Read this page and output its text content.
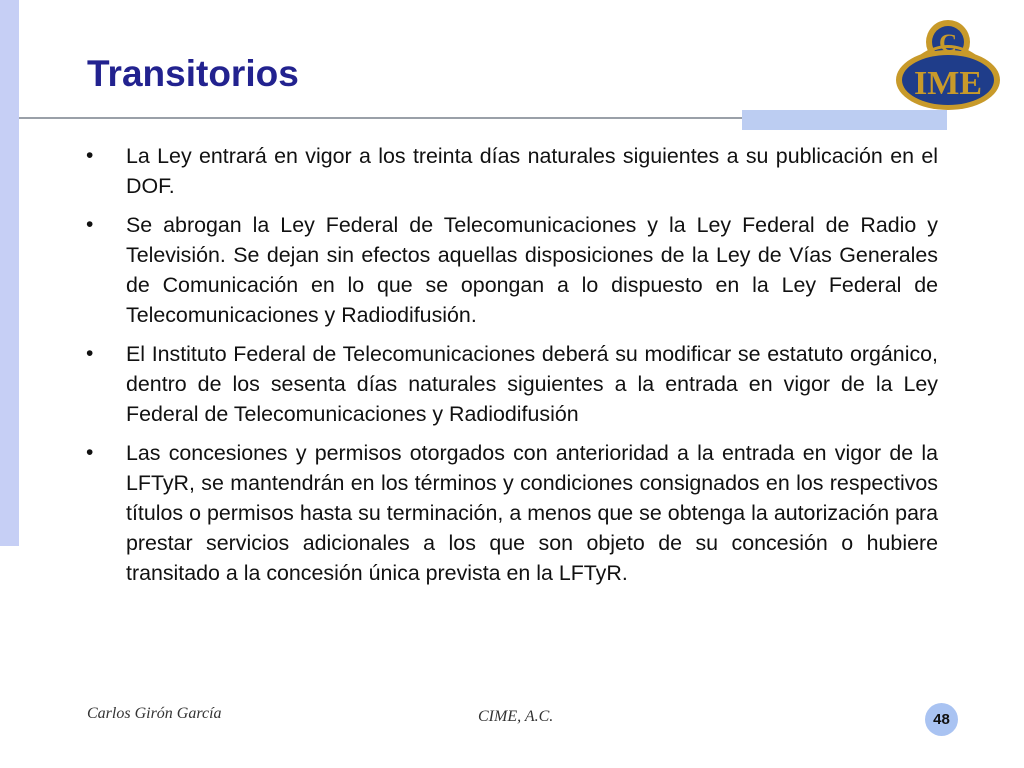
Transitorios
C
IME
•	La Ley entrará en vigor a los treinta días naturales siguientes a su publicación en el DOF.
•	Se abrogan la Ley Federal de Telecomunicaciones y la Ley Federal de Radio y Televisión. Se dejan sin efectos aquellas disposiciones de la Ley de Vías Generales de Comunicación en lo que se opongan a lo dispuesto en la Ley Federal de Telecomunicaciones y Radiodifusión.
•	El Instituto Federal de Telecomunicaciones deberá su modificar se estatuto orgánico, dentro de los sesenta días naturales siguientes a la entrada en vigor de la Ley Federal de Telecomunicaciones y Radiodifusión
•	Las concesiones y permisos otorgados con anterioridad a la entrada en vigor de la LFTyR, se mantendrán en los términos y condiciones consignados en los respectivos títulos o permisos hasta su terminación, a menos que se obtenga la autorización para prestar servicios adicionales a los que son objeto de su concesión o hubiere transitado a la concesión única prevista en la LFTyR.
Carlos Girón García	CIME, A.C.	48
